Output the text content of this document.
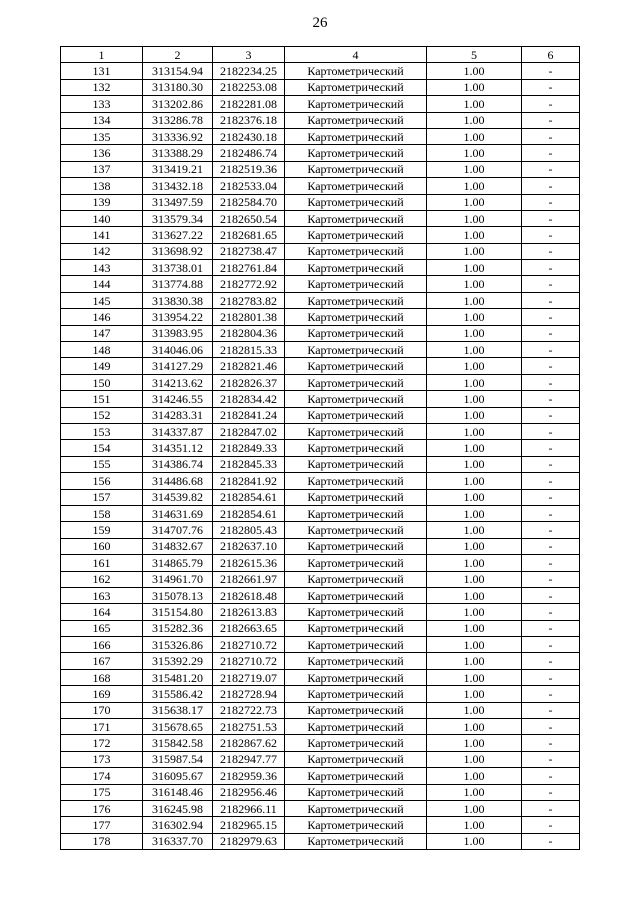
26
1	2	3	4	5	6
131	313154.94	2182234.25	Картометрический	1.00	-
132	313180.30	2182253.08	Картометрический	1.00	-
133	313202.86	2182281.08	Картометрический	1.00	-
134	313286.78	2182376.18	Картометрический	1.00	-
135	313336.92	2182430.18	Картометрический	1.00	-
136	313388.29	2182486.74	Картометрический	1.00	-
137	313419.21	2182519.36	Картометрический	1.00	-
138	313432.18	2182533.04	Картометрический	1.00	-
139	313497.59	2182584.70	Картометрический	1.00	-
140	313579.34	2182650.54	Картометрический	1.00	-
141	313627.22	2182681.65	Картометрический	1.00	-
142	313698.92	2182738.47	Картометрический	1.00	-
143	313738.01	2182761.84	Картометрический	1.00	-
144	313774.88	2182772.92	Картометрический	1.00	-
145	313830.38	2182783.82	Картометрический	1.00	-
146	313954.22	2182801.38	Картометрический	1.00	-
147	313983.95	2182804.36	Картометрический	1.00	-
148	314046.06	2182815.33	Картометрический	1.00	-
149	314127.29	2182821.46	Картометрический	1.00	-
150	314213.62	2182826.37	Картометрический	1.00	-
151	314246.55	2182834.42	Картометрический	1.00	-
152	314283.31	2182841.24	Картометрический	1.00	-
153	314337.87	2182847.02	Картометрический	1.00	-
154	314351.12	2182849.33	Картометрический	1.00	-
155	314386.74	2182845.33	Картометрический	1.00	-
156	314486.68	2182841.92	Картометрический	1.00	-
157	314539.82	2182854.61	Картометрический	1.00	-
158	314631.69	2182854.61	Картометрический	1.00	-
159	314707.76	2182805.43	Картометрический	1.00	-
160	314832.67	2182637.10	Картометрический	1.00	-
161	314865.79	2182615.36	Картометрический	1.00	-
162	314961.70	2182661.97	Картометрический	1.00	-
163	315078.13	2182618.48	Картометрический	1.00	-
164	315154.80	2182613.83	Картометрический	1.00	-
165	315282.36	2182663.65	Картометрический	1.00	-
166	315326.86	2182710.72	Картометрический	1.00	-
167	315392.29	2182710.72	Картометрический	1.00	-
168	315481.20	2182719.07	Картометрический	1.00	-
169	315586.42	2182728.94	Картометрический	1.00	-
170	315638.17	2182722.73	Картометрический	1.00	-
171	315678.65	2182751.53	Картометрический	1.00	-
172	315842.58	2182867.62	Картометрический	1.00	-
173	315987.54	2182947.77	Картометрический	1.00	-
174	316095.67	2182959.36	Картометрический	1.00	-
175	316148.46	2182956.46	Картометрический	1.00	-
176	316245.98	2182966.11	Картометрический	1.00	-
177	316302.94	2182965.15	Картометрический	1.00	-
178	316337.70	2182979.63	Картометрический	1.00	-
